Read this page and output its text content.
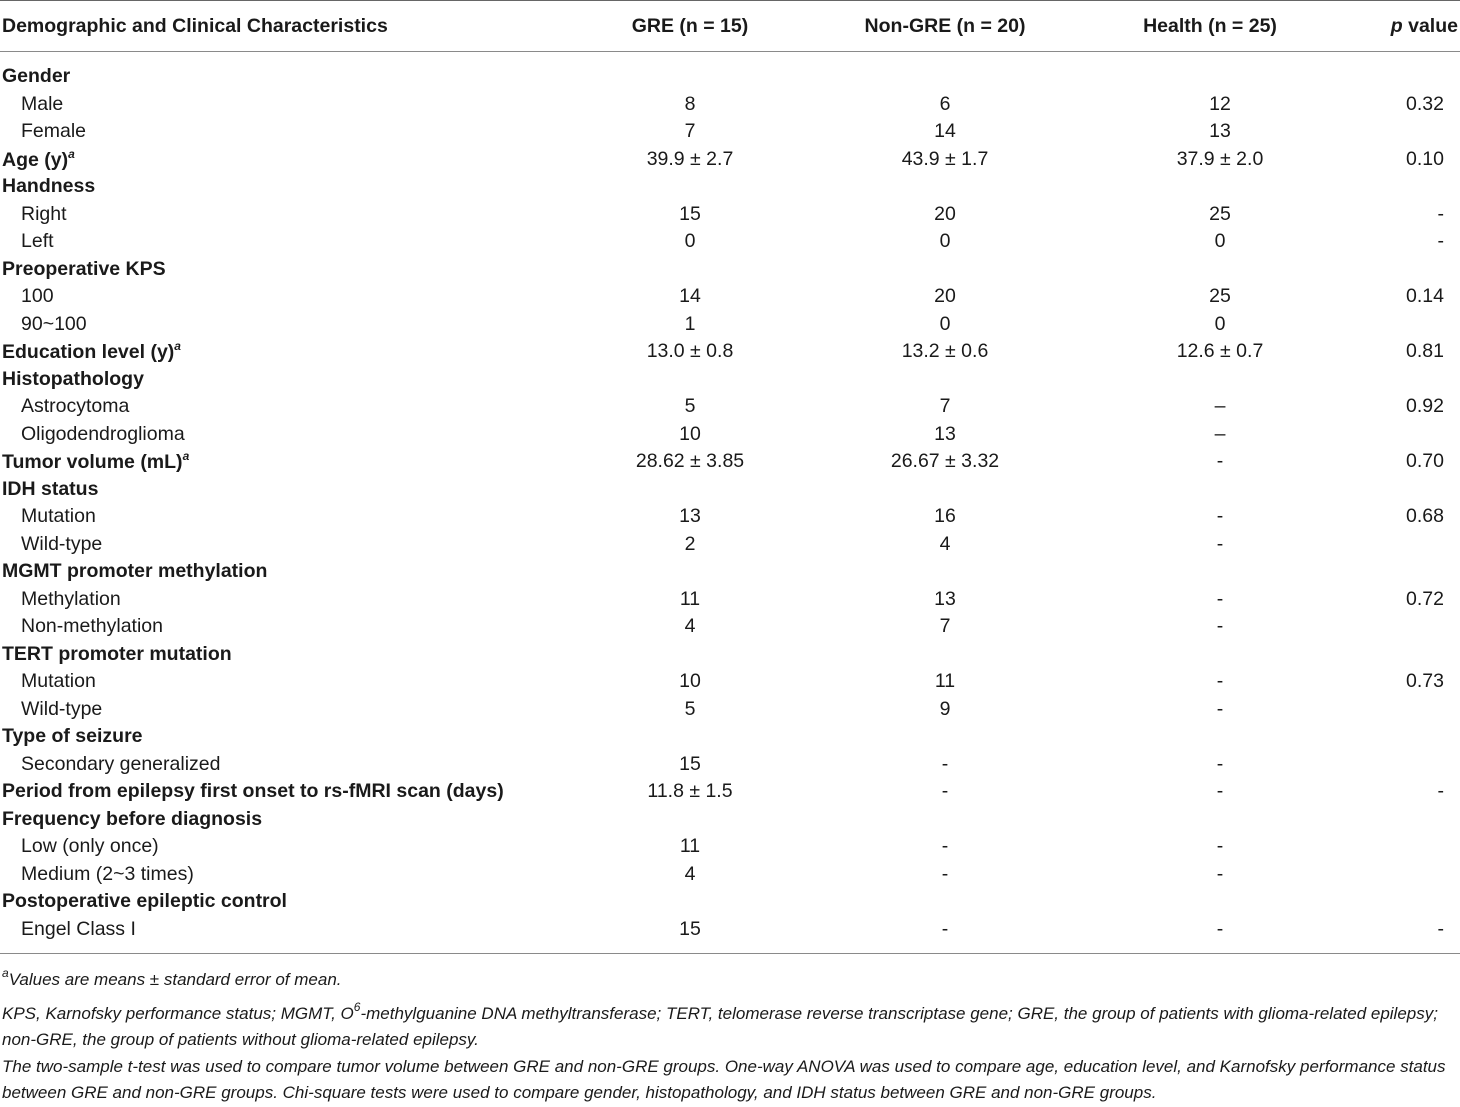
Demographic and Clinical Characteristics	GRE (n = 15)	Non-GRE (n = 20)	Health (n = 25)	p value
Gender
Male	8	6	12	0.32
Female	7	14	13
Age $(y)^a$	39.9 ± 2.7	43.9 ± 1.7	37.9 ± 2.0	0.10
Handness
Right	15	20	25	-
Left	0	0	0	-
Preoperative KPS
100	14	20	25	0.14
90~100	1	0	0
Education level $(y)^a$	13.0 ± 0.8	13.2 ± 0.6	12.6 ± 0.7	0.81
Histopathology
Astrocytoma	5	7	–	0.92
Oligodendroglioma	10	13	–
Tumor volume (mL)$^a$	28.62 ± 3.85	26.67 ± 3.32	-	0.70
IDH status
Mutation	13	16	-	0.68
Wild-type	2	4	-
MGMT promoter methylation
Methylation	11	13	-	0.72
Non-methylation	4	7	-
TERT promoter mutation
Mutation	10	11	-	0.73
Wild-type	5	9	-
Type of seizure
Secondary generalized	15	-	-
Period from epilepsy first onset to rs-fMRI scan (days)	11.8 ± 1.5	-	-	-
Frequency before diagnosis
Low (only once)	11	-	-
Medium (2~3 times)	4	-	-
Postoperative epileptic control
Engel Class I	15	-	-	-

$^a$Values are means ± standard error of mean.

KPS, Karnofsky performance status; MGMT, $O^6$-methylguanine DNA methyltransferase; TERT, telomerase reverse transcriptase gene; GRE, the group of patients with glioma-related epilepsy; non-GRE, the group of patients without glioma-related epilepsy.

The two-sample t-test was used to compare tumor volume between GRE and non-GRE groups. One-way ANOVA was used to compare age, education level, and Karnofsky performance status between GRE and non-GRE groups. Chi-square tests were used to compare gender, histopathology, and IDH status between GRE and non-GRE groups.
